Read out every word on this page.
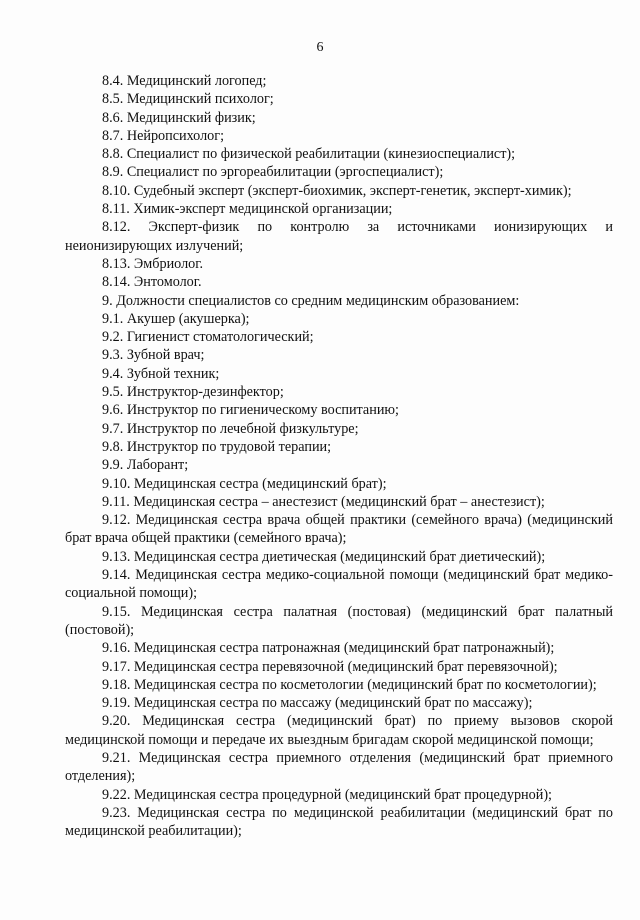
6

8.4. Медицинский логопед;

8.5. Медицинский психолог;

8.6. Медицинский физик;

8.7. Нейропсихолог;

8.8. Специалист по физической реабилитации (кинезиоспециалист);

8.9. Специалист по эргореабилитации (эргоспециалист);

8.10. Судебный эксперт (эксперт-биохимик, эксперт-генетик, эксперт-химик);

8.11. Химик-эксперт медицинской организации;

8.12. Эксперт-физик по контролю за источниками ионизирующих и неионизирующих излучений;

8.13. Эмбриолог.

8.14. Энтомолог.

9. Должности специалистов со средним медицинским образованием:

9.1. Акушер (акушерка);

9.2. Гигиенист стоматологический;

9.3. Зубной врач;

9.4. Зубной техник;

9.5. Инструктор-дезинфектор;

9.6. Инструктор по гигиеническому воспитанию;

9.7. Инструктор по лечебной физкультуре;

9.8. Инструктор по трудовой терапии;

9.9. Лаборант;

9.10. Медицинская сестра (медицинский брат);

9.11. Медицинская сестра – анестезист (медицинский брат – анестезист);

9.12. Медицинская сестра врача общей практики (семейного врача) (медицинский брат врача общей практики (семейного врача);

9.13. Медицинская сестра диетическая (медицинский брат диетический);

9.14. Медицинская сестра медико-социальной помощи (медицинский брат медико-социальной помощи);

9.15. Медицинская сестра палатная (постовая) (медицинский брат палатный (постовой);

9.16. Медицинская сестра патронажная (медицинский брат патронажный);

9.17. Медицинская сестра перевязочной (медицинский брат перевязочной);

9.18. Медицинская сестра по косметологии (медицинский брат по косметологии);

9.19. Медицинская сестра по массажу (медицинский брат по массажу);

9.20. Медицинская сестра (медицинский брат) по приему вызовов скорой медицинской помощи и передаче их выездным бригадам скорой медицинской помощи;

9.21. Медицинская сестра приемного отделения (медицинский брат приемного отделения);

9.22. Медицинская сестра процедурной (медицинский брат процедурной);

9.23. Медицинская сестра по медицинской реабилитации (медицинский брат по медицинской реабилитации);
